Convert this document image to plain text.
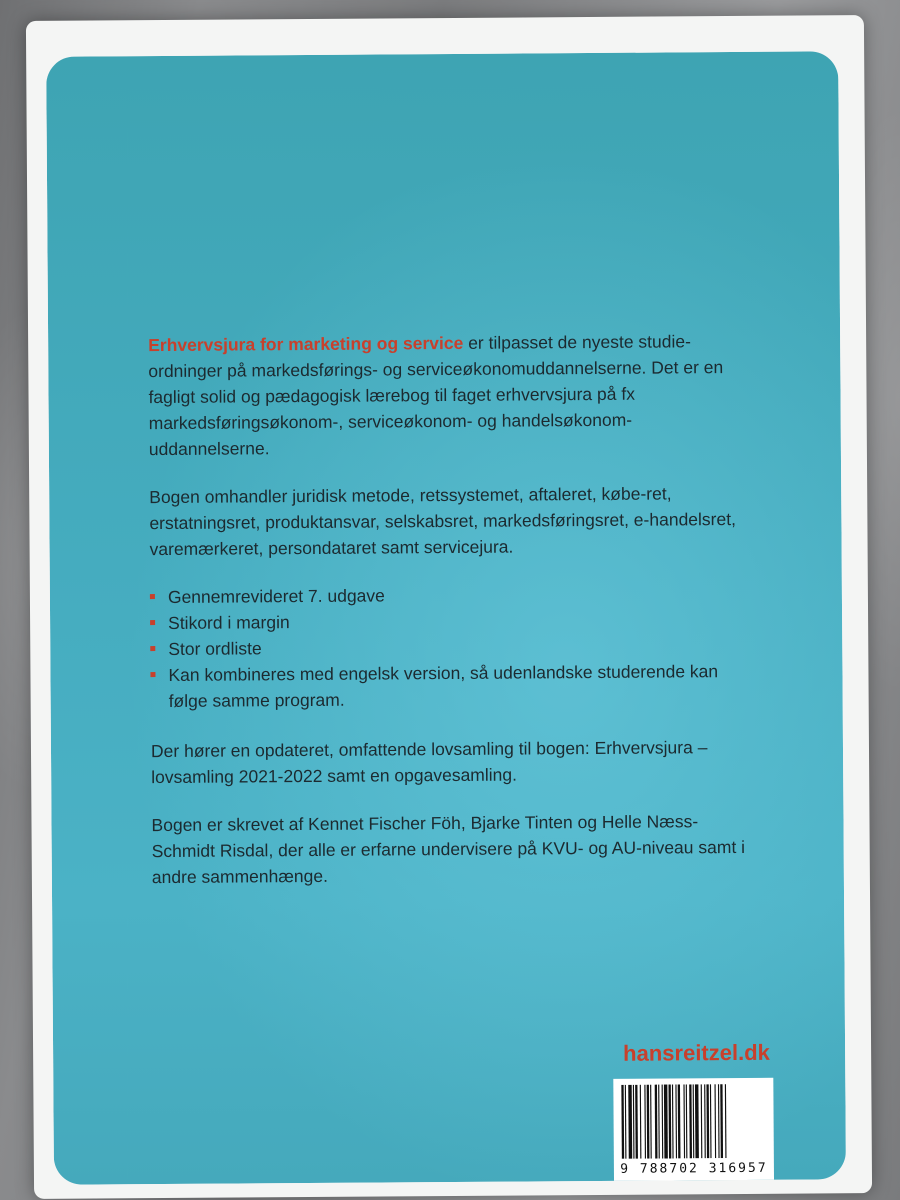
Erhvervsjura for marketing og service er tilpasset de nyeste studie-ordninger på markedsførings- og serviceøkonomuddannelserne. Det er en fagligt solid og pædagogisk lærebog til faget erhvervsjura på fx markedsføringsøkonom-, serviceøkonom- og handelsøkonom-uddannelserne.

Bogen omhandler juridisk metode, retssystemet, aftaleret, købe-ret, erstatningsret, produktansvar, selskabsret, markedsføringsret, e-handelsret, varemærkeret, persondataret samt servicejura.

Gennemrevideret 7. udgave
Stikord i margin
Stor ordliste
Kan kombineres med engelsk version, så udenlandske studerende kan følge samme program.

Der hører en opdateret, omfattende lovsamling til bogen: Erhvervsjura – lovsamling 2021-2022 samt en opgavesamling.

Bogen er skrevet af Kennet Fischer Föh, Bjarke Tinten og Helle Næss-Schmidt Risdal, der alle er erfarne undervisere på KVU- og AU-niveau samt i andre sammenhænge.

hansreitzel.dk
9 788702 316957
